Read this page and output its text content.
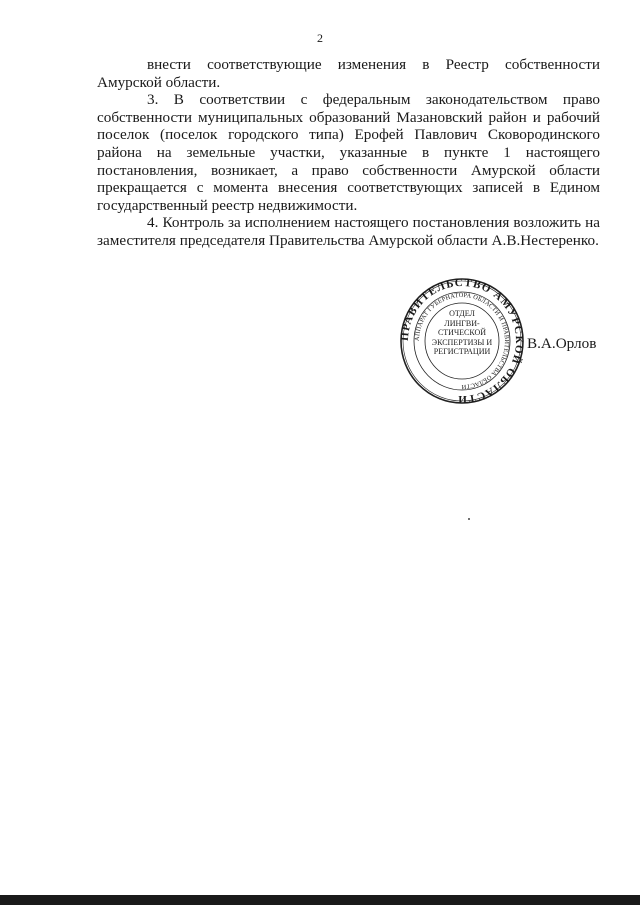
2

внести соответствующие изменения в Реестр собственности Амурской области.

3. В соответствии с федеральным законодательством право собственности муниципальных образований Мазановский район и рабочий поселок (поселок городского типа) Ерофей Павлович Сковородинского района на земельные участки, указанные в пункте 1 настоящего постановления, возникает, а право собственности Амурской области прекращается с момента внесения соответствующих записей в Едином государственный реестр недвижимости.

4. Контроль за исполнением настоящего постановления возложить на заместителя председателя Правительства Амурской области А.В.Нестеренко.

ПРАВИТЕЛЬСТВО АМУРСКОЙ ОБЛАСТИ
АППАРАТ ГУБЕРНАТОРА ОБЛАСТИ И ПРАВИТЕЛЬСТВА ОБЛАСТИ
ОТДЕЛ
ЛИНГВИ-
СТИЧЕСКОЙ
ЭКСПЕРТИЗЫ И
РЕГИСТРАЦИИ	В.А.Орлов
